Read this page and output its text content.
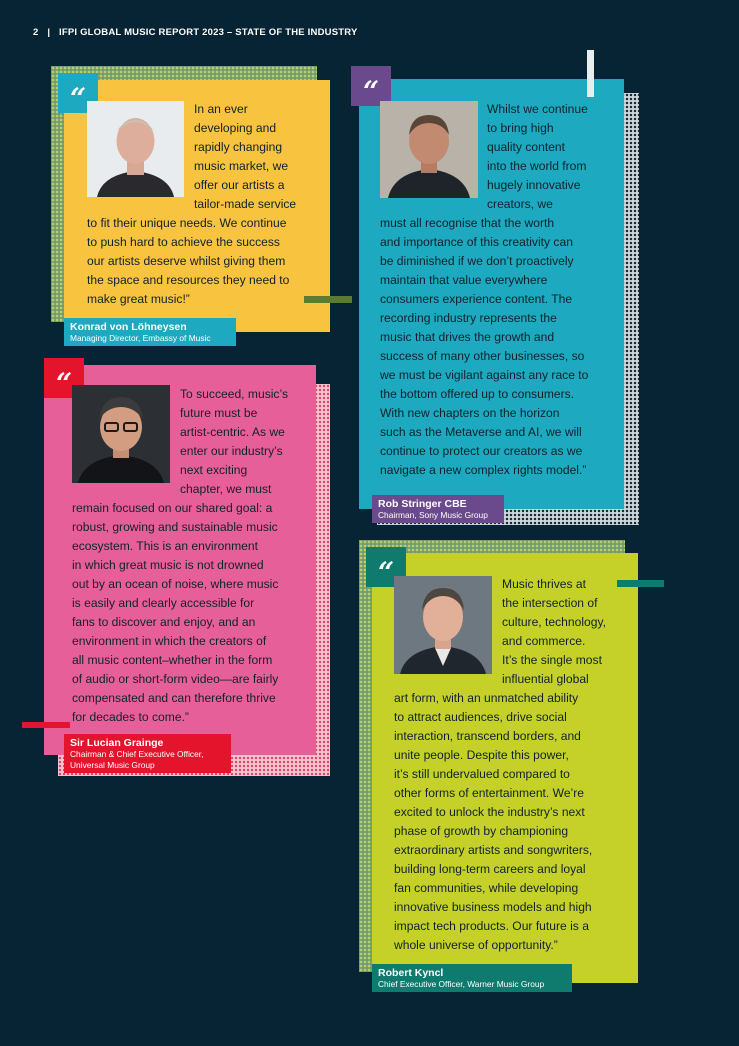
2 | IFPI GLOBAL MUSIC REPORT 2023 – STATE OF THE INDUSTRY
“	In an ever
developing and
rapidly changing
music market, we
offer our artists a
tailor-made service
to fit their unique needs. We continue
to push hard to achieve the success
our artists deserve whilst giving them
the space and resources they need to
make great music!”
Konrad von Löhneysen
Managing Director, Embassy of Music
“
Whilst we continue
to bring high
quality content
into the world from
hugely innovative
creators, we
must all recognise that the worth
and importance of this creativity can
be diminished if we don’t proactively
maintain that value everywhere
consumers experience content. The
recording industry represents the
music that drives the growth and
success of many other businesses, so
we must be vigilant against any race to
the bottom offered up to consumers.
With new chapters on the horizon
such as the Metaverse and AI, we will
continue to protect our creators as we
navigate a new complex rights model.”
Rob Stringer CBE
Chairman, Sony Music Group
“	To succeed, music’s
future must be
artist-centric. As we
enter our industry’s
next exciting
chapter, we must
remain focused on our shared goal: a
robust, growing and sustainable music
ecosystem. This is an environment
in which great music is not drowned
out by an ocean of noise, where music
is easily and clearly accessible for
fans to discover and enjoy, and an
environment in which the creators of
all music content–whether in the form
of audio or short-form video—are fairly
compensated and can therefore thrive
for decades to come.”
Sir Lucian Grainge
Chairman & Chief Executive Officer,
Universal Music Group
“	Music thrives at
the intersection of
culture, technology,
and commerce.
It’s the single most
influential global
art form, with an unmatched ability
to attract audiences, drive social
interaction, transcend borders, and
unite people. Despite this power,
it’s still undervalued compared to
other forms of entertainment. We’re
excited to unlock the industry’s next
phase of growth by championing
extraordinary artists and songwriters,
building long-term careers and loyal
fan communities, while developing
innovative business models and high
impact tech products. Our future is a
whole universe of opportunity.”
Robert Kyncl
Chief Executive Officer, Warner Music Group
